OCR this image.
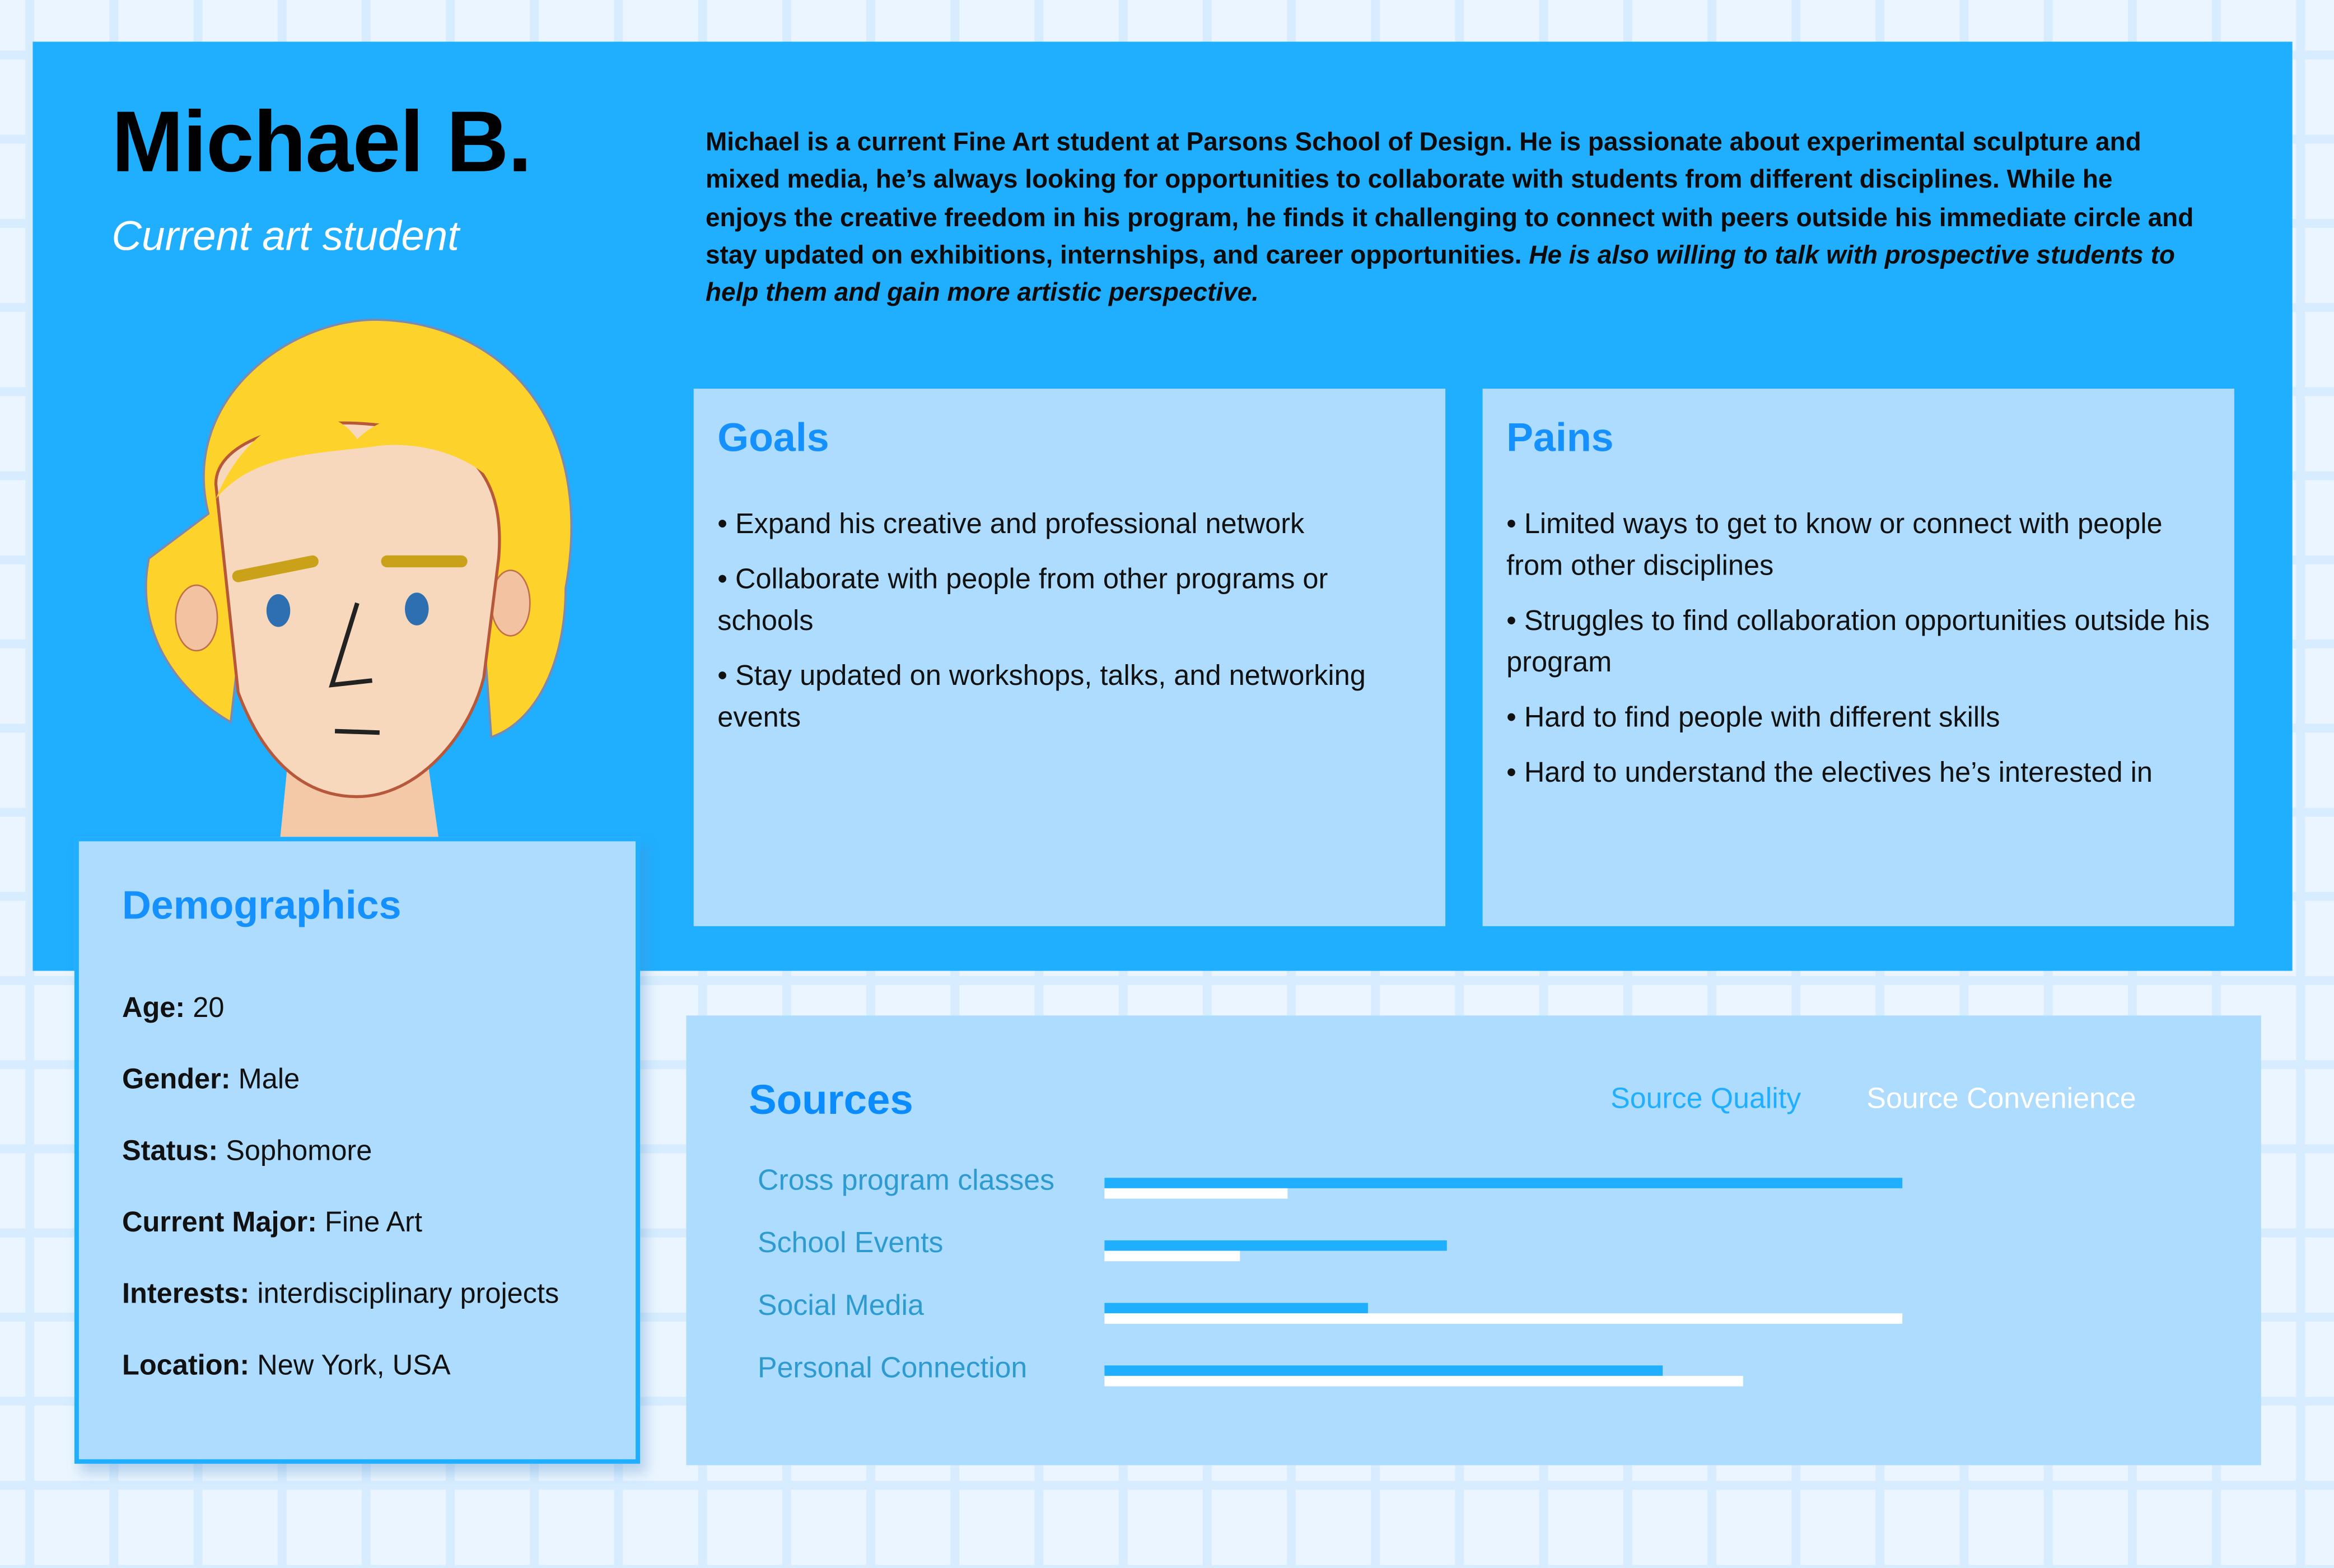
Michael B.
Current art student
Michael is a current Fine Art student at Parsons School of Design. He is passionate about experimental sculpture and mixed media, he’s always looking for opportunities to collaborate with students from different disciplines. While he enjoys the creative freedom in his program, he finds it challenging to connect with peers outside his immediate circle and stay updated on exhibitions, internships, and career opportunities. He is also willing to talk with prospective students to help them and gain more artistic perspective.
Goals
• Expand his creative and professional network
• Collaborate with people from other programs or schools
• Stay updated on workshops, talks, and networking events
Pains
• Limited ways to get to know or connect with people from other disciplines
• Struggles to find collaboration opportunities outside his program
• Hard to find people with different skills
• Hard to understand the electives he’s interested in
Demographics
Age: 20
Gender: Male
Status: Sophomore
Current Major: Fine Art
Interests: interdisciplinary projects
Location: New York, USA
Sources	Source Quality	Source Convenience
Cross program classes
School Events
Social Media
Personal Connection
